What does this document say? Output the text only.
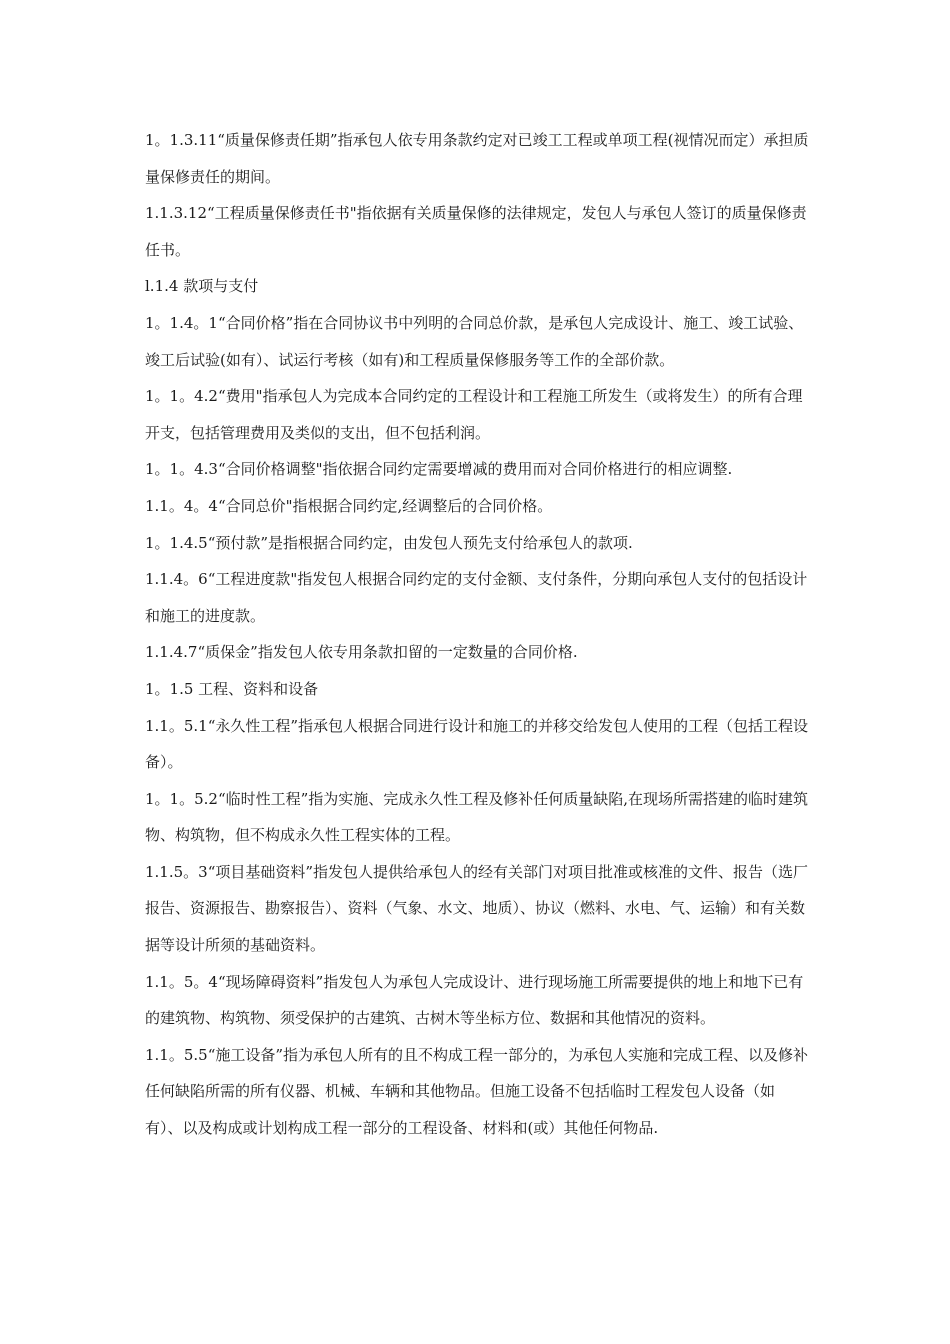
1。1.3.11“质量保修责任期”指承包人依专用条款约定对已竣工工程或单项工程(视情况而定）承担质量保修责任的期间。

1.1.3.12“工程质量保修责任书"指依据有关质量保修的法律规定，发包人与承包人签订的质量保修责任书。

l.1.4 款项与支付

1。1.4。1“合同价格”指在合同协议书中列明的合同总价款，是承包人完成设计、施工、竣工试验、竣工后试验(如有）、试运行考核（如有)和工程质量保修服务等工作的全部价款。

1。1。4.2“费用"指承包人为完成本合同约定的工程设计和工程施工所发生（或将发生）的所有合理开支，包括管理费用及类似的支出，但不包括利润。

1。1。4.3“合同价格调整"指依据合同约定需要增减的费用而对合同价格进行的相应调整.

1.1。4。4“合同总价"指根据合同约定,经调整后的合同价格。

1。1.4.5“预付款”是指根据合同约定，由发包人预先支付给承包人的款项.

1.1.4。6“工程进度款"指发包人根据合同约定的支付金额、支付条件，分期向承包人支付的包括设计和施工的进度款。

1.1.4.7“质保金”指发包人依专用条款扣留的一定数量的合同价格.

1。1.5 工程、资料和设备

1.1。5.1“永久性工程”指承包人根据合同进行设计和施工的并移交给发包人使用的工程（包括工程设备）。

1。1。5.2“临时性工程”指为实施、完成永久性工程及修补任何质量缺陷,在现场所需搭建的临时建筑物、构筑物，但不构成永久性工程实体的工程。

1.1.5。3“项目基础资料”指发包人提供给承包人的经有关部门对项目批准或核准的文件、报告（选厂报告、资源报告、勘察报告）、资料（气象、水文、地质）、协议（燃料、水电、气、运输）和有关数据等设计所须的基础资料。

1.1。5。4“现场障碍资料”指发包人为承包人完成设计、进行现场施工所需要提供的地上和地下已有的建筑物、构筑物、须受保护的古建筑、古树木等坐标方位、数据和其他情况的资料。

1.1。5.5“施工设备”指为承包人所有的且不构成工程一部分的，为承包人实施和完成工程、以及修补任何缺陷所需的所有仪器、机械、车辆和其他物品。但施工设备不包括临时工程发包人设备（如有）、以及构成或计划构成工程一部分的工程设备、材料和(或）其他任何物品.
